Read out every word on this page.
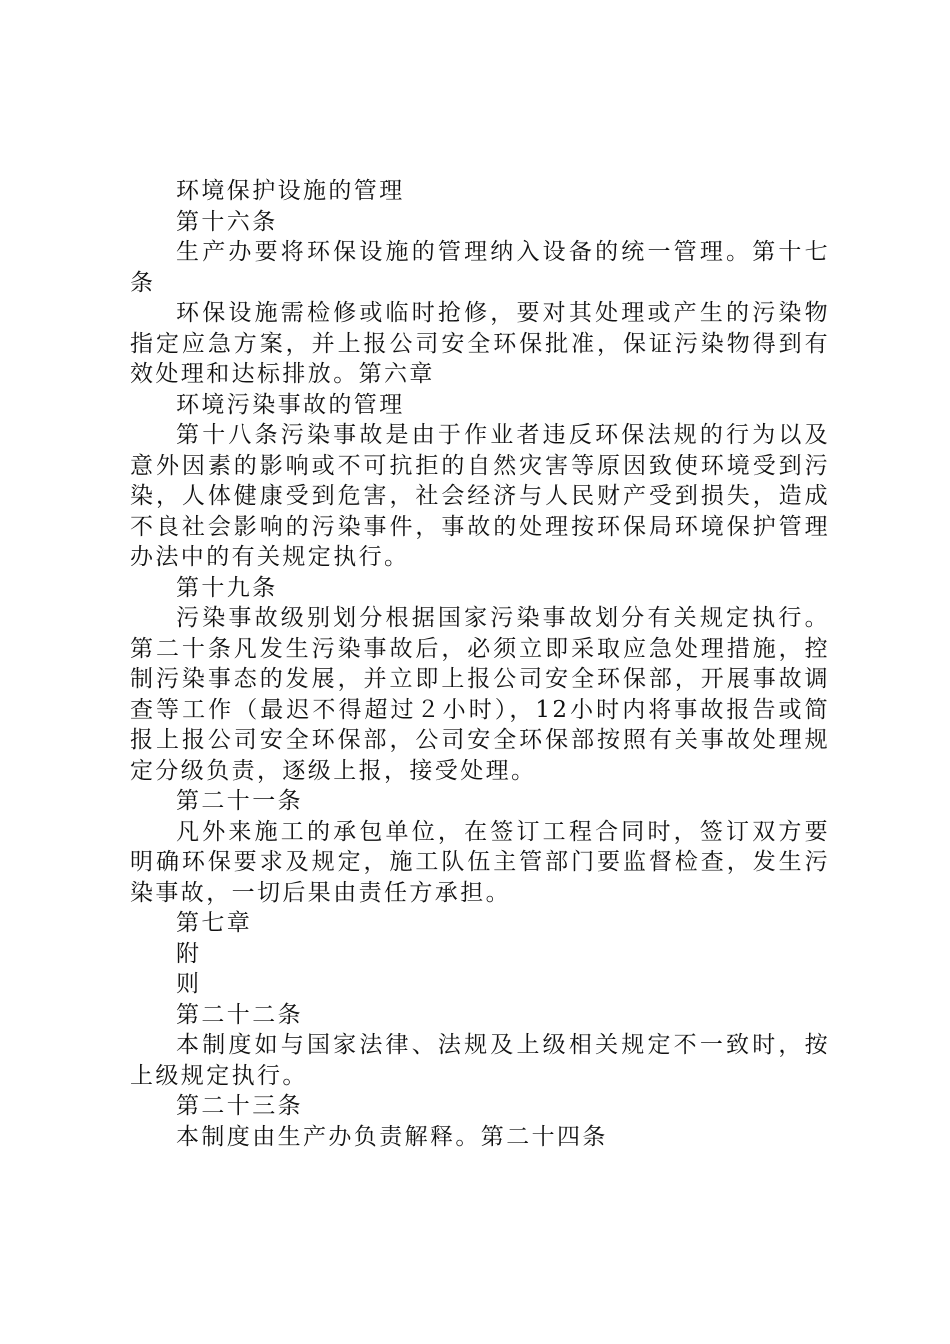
环境保护设施的管理

第十六条

生产办要将环保设施的管理纳入设备的统一管理。第十七条

环保设施需检修或临时抢修，要对其处理或产生的污染物指定应急方案，并上报公司安全环保批准，保证污染物得到有效处理和达标排放。第六章

环境污染事故的管理

第十八条污染事故是由于作业者违反环保法规的行为以及意外因素的影响或不可抗拒的自然灾害等原因致使环境受到污染，人体健康受到危害，社会经济与人民财产受到损失，造成不良社会影响的污染事件，事故的处理按环保局环境保护管理办法中的有关规定执行。

第十九条

污染事故级别划分根据国家污染事故划分有关规定执行。第二十条凡发生污染事故后，必须立即采取应急处理措施，控制污染事态的发展，并立即上报公司安全环保部，开展事故调查等工作（最迟不得超过２小时），12小时内将事故报告或简报上报公司安全环保部，公司安全环保部按照有关事故处理规定分级负责，逐级上报，接受处理。

第二十一条

凡外来施工的承包单位，在签订工程合同时，签订双方要明确环保要求及规定，施工队伍主管部门要监督检查，发生污染事故，一切后果由责任方承担。

第七章

附

则

第二十二条

本制度如与国家法律、法规及上级相关规定不一致时，按上级规定执行。

第二十三条

本制度由生产办负责解释。第二十四条
